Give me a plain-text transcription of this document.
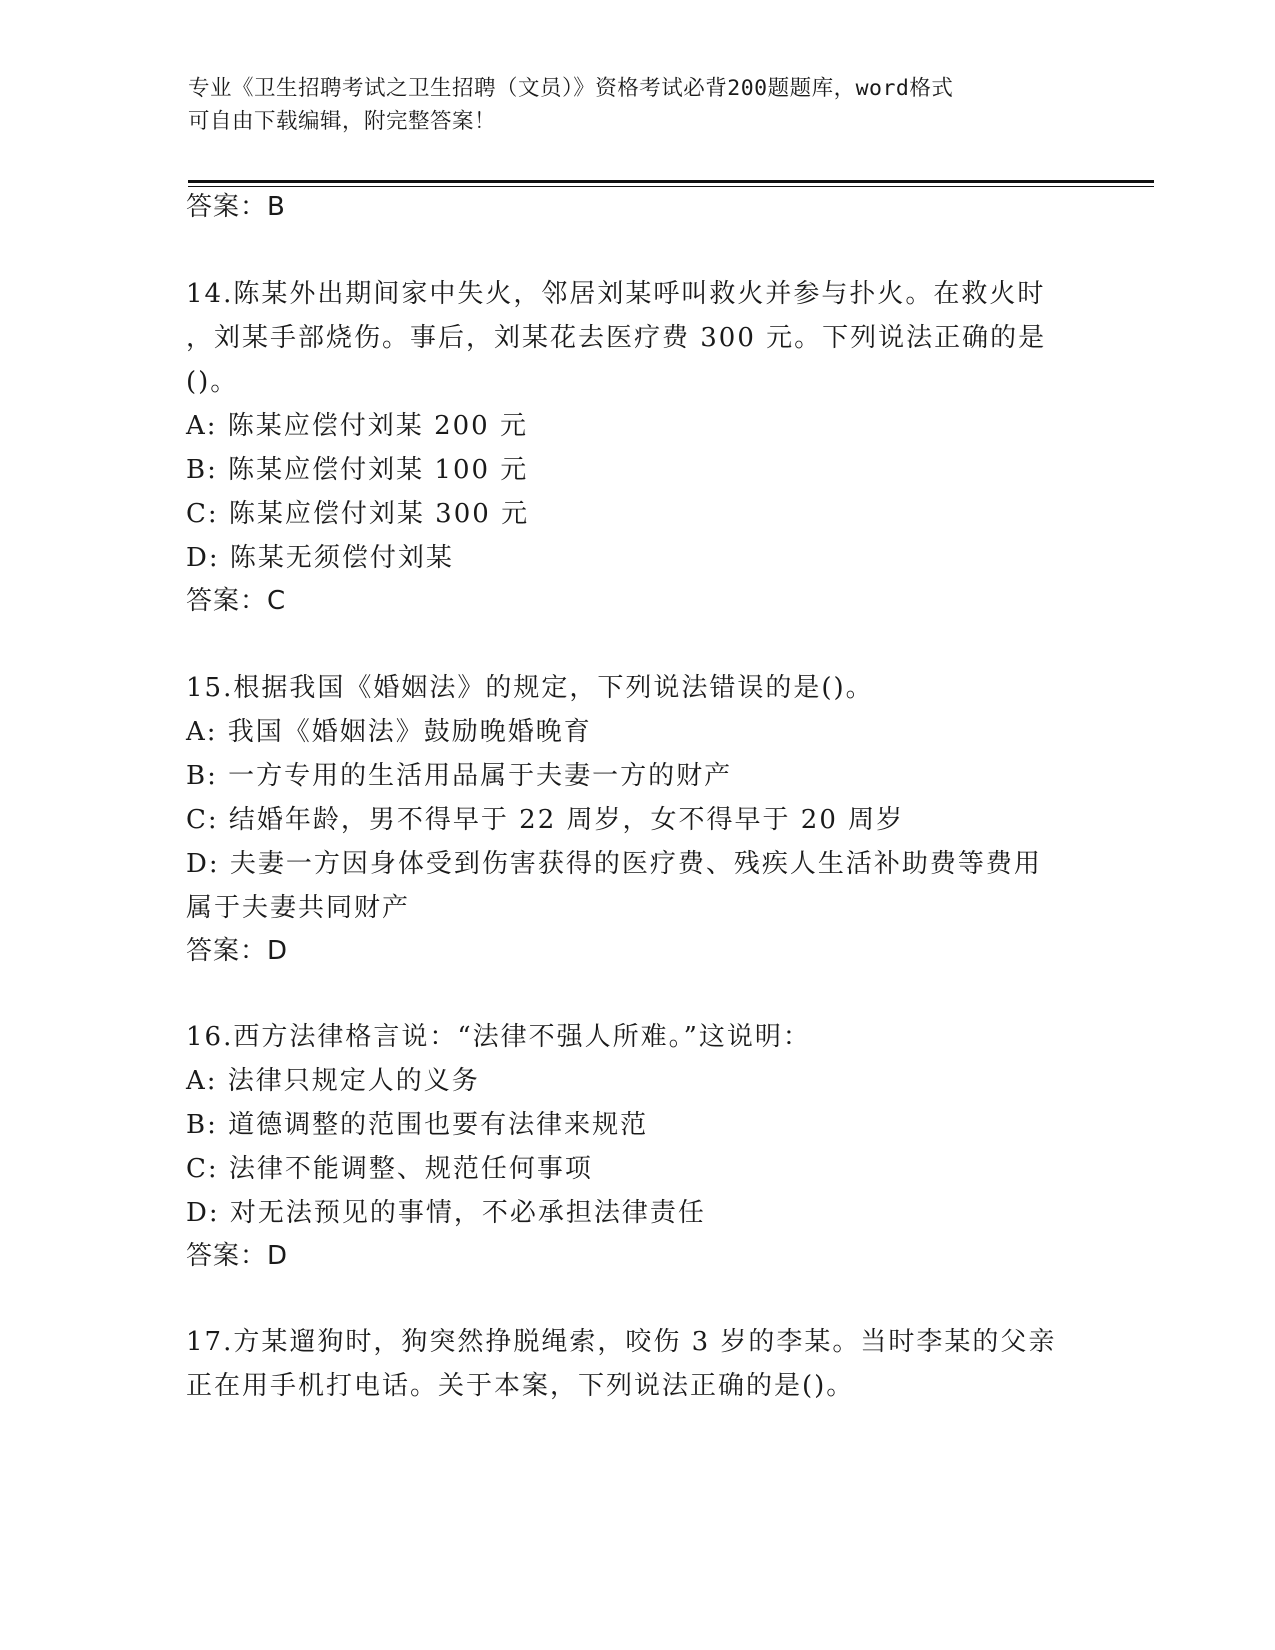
专业《卫生招聘考试之卫生招聘（文员）》资格考试必背200题题库，word格式
可自由下载编辑，附完整答案！
答案：B
14.陈某外出期间家中失火，邻居刘某呼叫救火并参与扑火。在救火时
，刘某手部烧伤。事后，刘某花去医疗费 300 元。下列说法正确的是
()。
A: 陈某应偿付刘某 200 元
B: 陈某应偿付刘某 100 元
C: 陈某应偿付刘某 300 元
D: 陈某无须偿付刘某
答案：C
15.根据我国《婚姻法》的规定，下列说法错误的是()。
A: 我国《婚姻法》鼓励晚婚晚育
B: 一方专用的生活用品属于夫妻一方的财产
C: 结婚年龄，男不得早于 22 周岁，女不得早于 20 周岁
D: 夫妻一方因身体受到伤害获得的医疗费、残疾人生活补助费等费用
属于夫妻共同财产
答案：D
16.西方法律格言说：“法律不强人所难。”这说明：
A: 法律只规定人的义务
B: 道德调整的范围也要有法律来规范
C: 法律不能调整、规范任何事项
D: 对无法预见的事情，不必承担法律责任
答案：D
17.方某遛狗时，狗突然挣脱绳索，咬伤 3 岁的李某。当时李某的父亲
正在用手机打电话。关于本案，下列说法正确的是()。
